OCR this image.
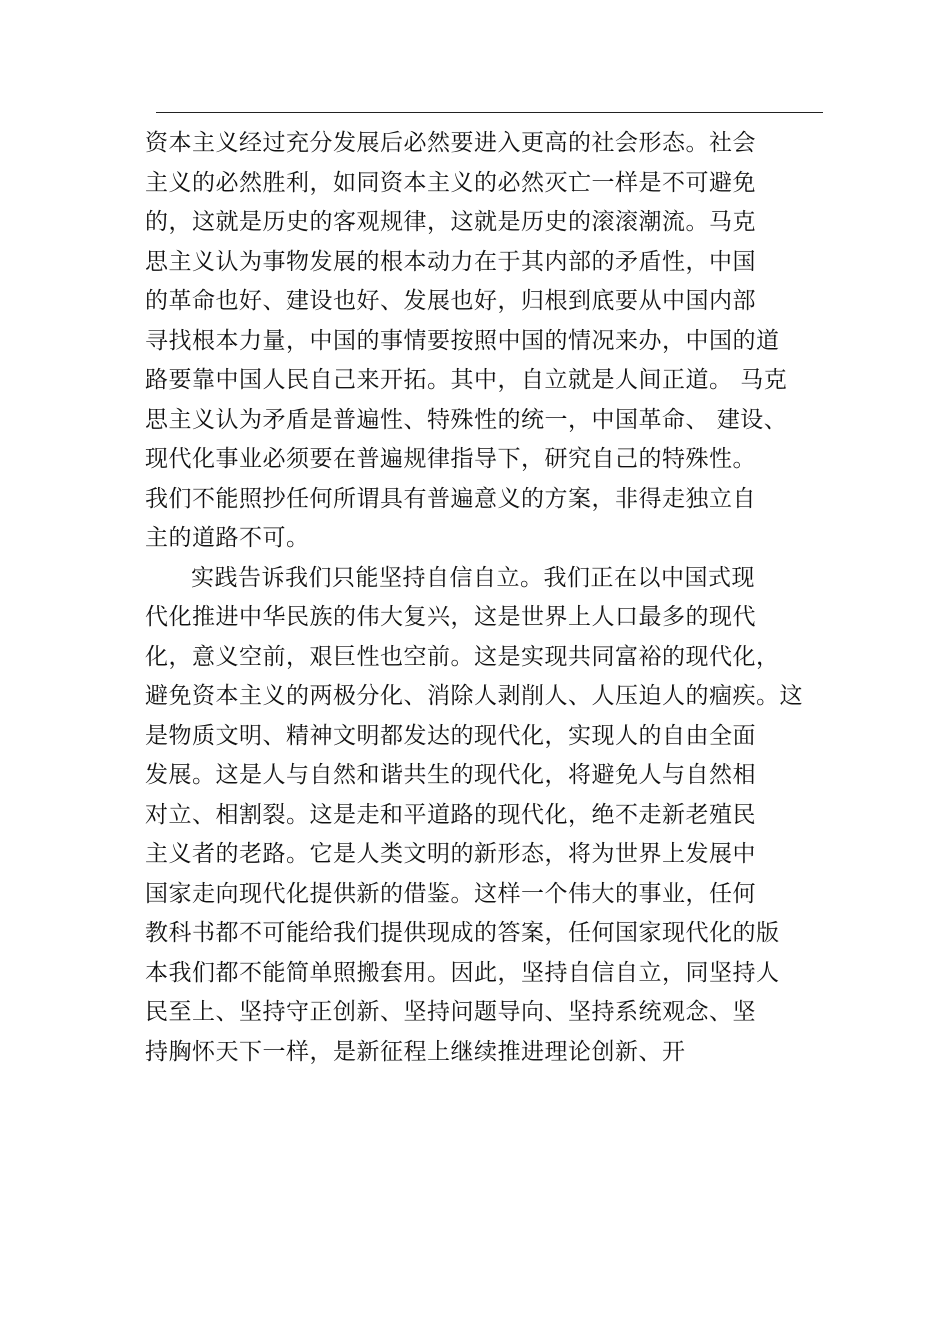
资本主义经过充分发展后必然要进入更高的社会形态。社会
主义的必然胜利，如同资本主义的必然灭亡一样是不可避免
的，这就是历史的客观规律，这就是历史的滚滚潮流。马克
思主义认为事物发展的根本动力在于其内部的矛盾性，中国
的革命也好、建设也好、发展也好，归根到底要从中国内部
寻找根本力量，中国的事情要按照中国的情况来办，中国的道
路要靠中国人民自己来开拓。其中，自立就是人间正道。 马克
思主义认为矛盾是普遍性、特殊性的统一，中国革命、 建设、
现代化事业必须要在普遍规律指导下，研究自己的特殊性。
我们不能照抄任何所谓具有普遍意义的方案，非得走独立自
主的道路不可。
实践告诉我们只能坚持自信自立。我们正在以中国式现
代化推进中华民族的伟大复兴，这是世界上人口最多的现代
化，意义空前，艰巨性也空前。这是实现共同富裕的现代化，
避免资本主义的两极分化、消除人剥削人、人压迫人的痼疾。这
是物质文明、精神文明都发达的现代化，实现人的自由全面
发展。这是人与自然和谐共生的现代化，将避免人与自然相
对立、相割裂。这是走和平道路的现代化，绝不走新老殖民
主义者的老路。它是人类文明的新形态，将为世界上发展中
国家走向现代化提供新的借鉴。这样一个伟大的事业，任何
教科书都不可能给我们提供现成的答案，任何国家现代化的版
本我们都不能简单照搬套用。因此，坚持自信自立，同坚持人
民至上、坚持守正创新、坚持问题导向、坚持系统观念、坚
持胸怀天下一样，是新征程上继续推进理论创新、开
